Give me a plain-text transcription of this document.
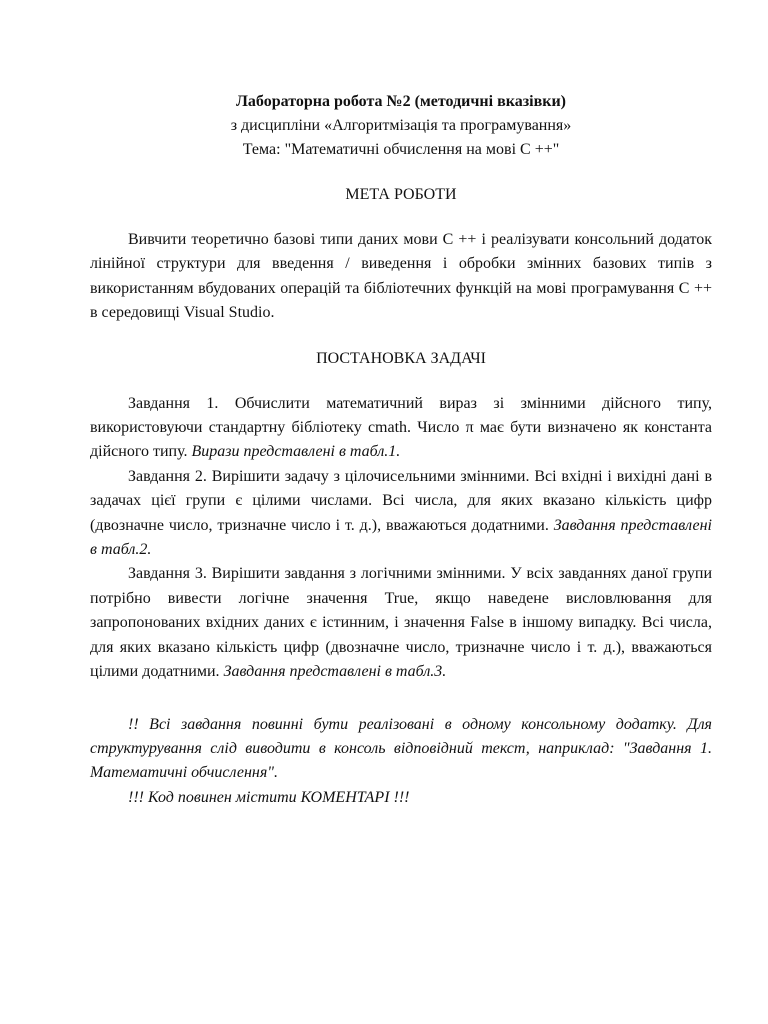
Лабораторна робота №2 (методичні вказівки)

з дисципліни «Алгоритмізація та програмування»

Тема: "Математичні обчислення на мові С ++"

МЕТА РОБОТИ

Вивчити теоретично базові типи даних мови С ++ і реалізувати консольний додаток лінійної структури для введення / виведення і обробки змінних базових типів з використанням вбудованих операцій та бібліотечних функцій на мові програмування С ++ в середовищі Visual Studio.

ПОСТАНОВКА ЗАДАЧІ

Завдання 1. Обчислити математичний вираз зі змінними дійсного типу, використовуючи стандартну бібліотеку cmath. Число π має бути визначено як константа дійсного типу. Вирази представлені в табл.1.

Завдання 2. Вирішити задачу з цілочисельними змінними. Всі вхідні і вихідні дані в задачах цієї групи є цілими числами. Всі числа, для яких вказано кількість цифр (двозначне число, тризначне число і т. д.), вважаються додатними. Завдання представлені в табл.2.

Завдання 3. Вирішити завдання з логічними змінними. У всіх завданнях даної групи потрібно вивести логічне значення True, якщо наведене висловлювання для запропонованих вхідних даних є істинним, і значення False в іншому випадку. Всі числа, для яких вказано кількість цифр (двозначне число, тризначне число і т. д.), вважаються цілими додатними. Завдання представлені в табл.3.

!! Всі завдання повинні бути реалізовані в одному консольному додатку. Для структурування слід виводити в консоль відповідний текст, наприклад: "Завдання 1. Математичні обчислення".

!!! Код повинен містити КОМЕНТАРІ !!!
